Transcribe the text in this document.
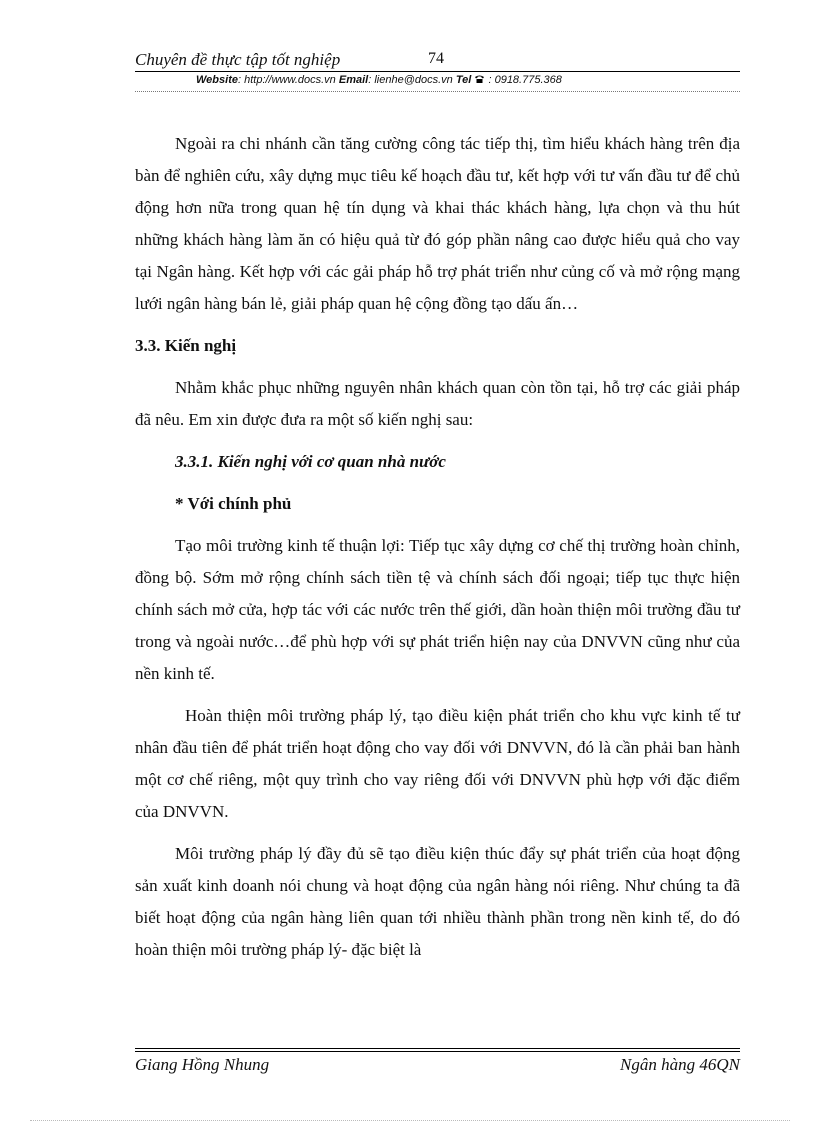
Chuyên đề thực tập tốt nghiệp	74
Website: http://www.docs.vn Email: lienhe@docs.vn Tel : 0918.775.368

Ngoài ra chi nhánh cần tăng cường công tác tiếp thị, tìm hiểu khách hàng trên địa bàn để nghiên cứu, xây dựng mục tiêu kế hoạch đầu tư, kết hợp với tư vấn đầu tư để chủ động hơn nữa trong quan hệ tín dụng và khai thác khách hàng, lựa chọn và thu hút những khách hàng làm ăn có hiệu quả từ đó góp phần nâng cao được hiểu quả cho vay tại Ngân hàng. Kết hợp với các gải pháp hỗ trợ phát triển như củng cố và mở rộng mạng lưới ngân hàng bán lẻ, giải pháp quan hệ cộng đồng tạo dấu ấn…

3.3. Kiến nghị

Nhằm khắc phục những nguyên nhân khách quan còn tồn tại, hỗ trợ các giải pháp đã nêu. Em xin được đưa ra một số kiến nghị sau:

3.3.1. Kiến nghị với cơ quan nhà nước

* Với chính phủ

Tạo môi trường kinh tế thuận lợi: Tiếp tục xây dựng cơ chế thị trường hoàn chỉnh, đồng bộ. Sớm mở rộng chính sách tiền tệ và chính sách đối ngoại; tiếp tục thực hiện chính sách mở cửa, hợp tác với các nước trên thế giới, dần hoàn thiện môi trường đầu tư trong và ngoài nước…để phù hợp với sự phát triển hiện nay của DNVVN cũng như của nền kinh tế.

Hoàn thiện môi trường pháp lý, tạo điều kiện phát triển cho khu vực kinh tế tư nhân đầu tiên để phát triển hoạt động cho vay đối với DNVVN, đó là cần phải ban hành một cơ chế riêng, một quy trình cho vay riêng đối với DNVVN phù hợp với đặc điểm của DNVVN.

Môi trường pháp lý đầy đủ sẽ tạo điều kiện thúc đẩy sự phát triển của hoạt động sản xuất kinh doanh nói chung và hoạt động của ngân hàng nói riêng. Như chúng ta đã biết hoạt động của ngân hàng liên quan tới nhiều thành phần trong nền kinh tế, do đó hoàn thiện môi trường pháp lý- đặc biệt là

Giang Hồng Nhung	Ngân hàng 46QN
